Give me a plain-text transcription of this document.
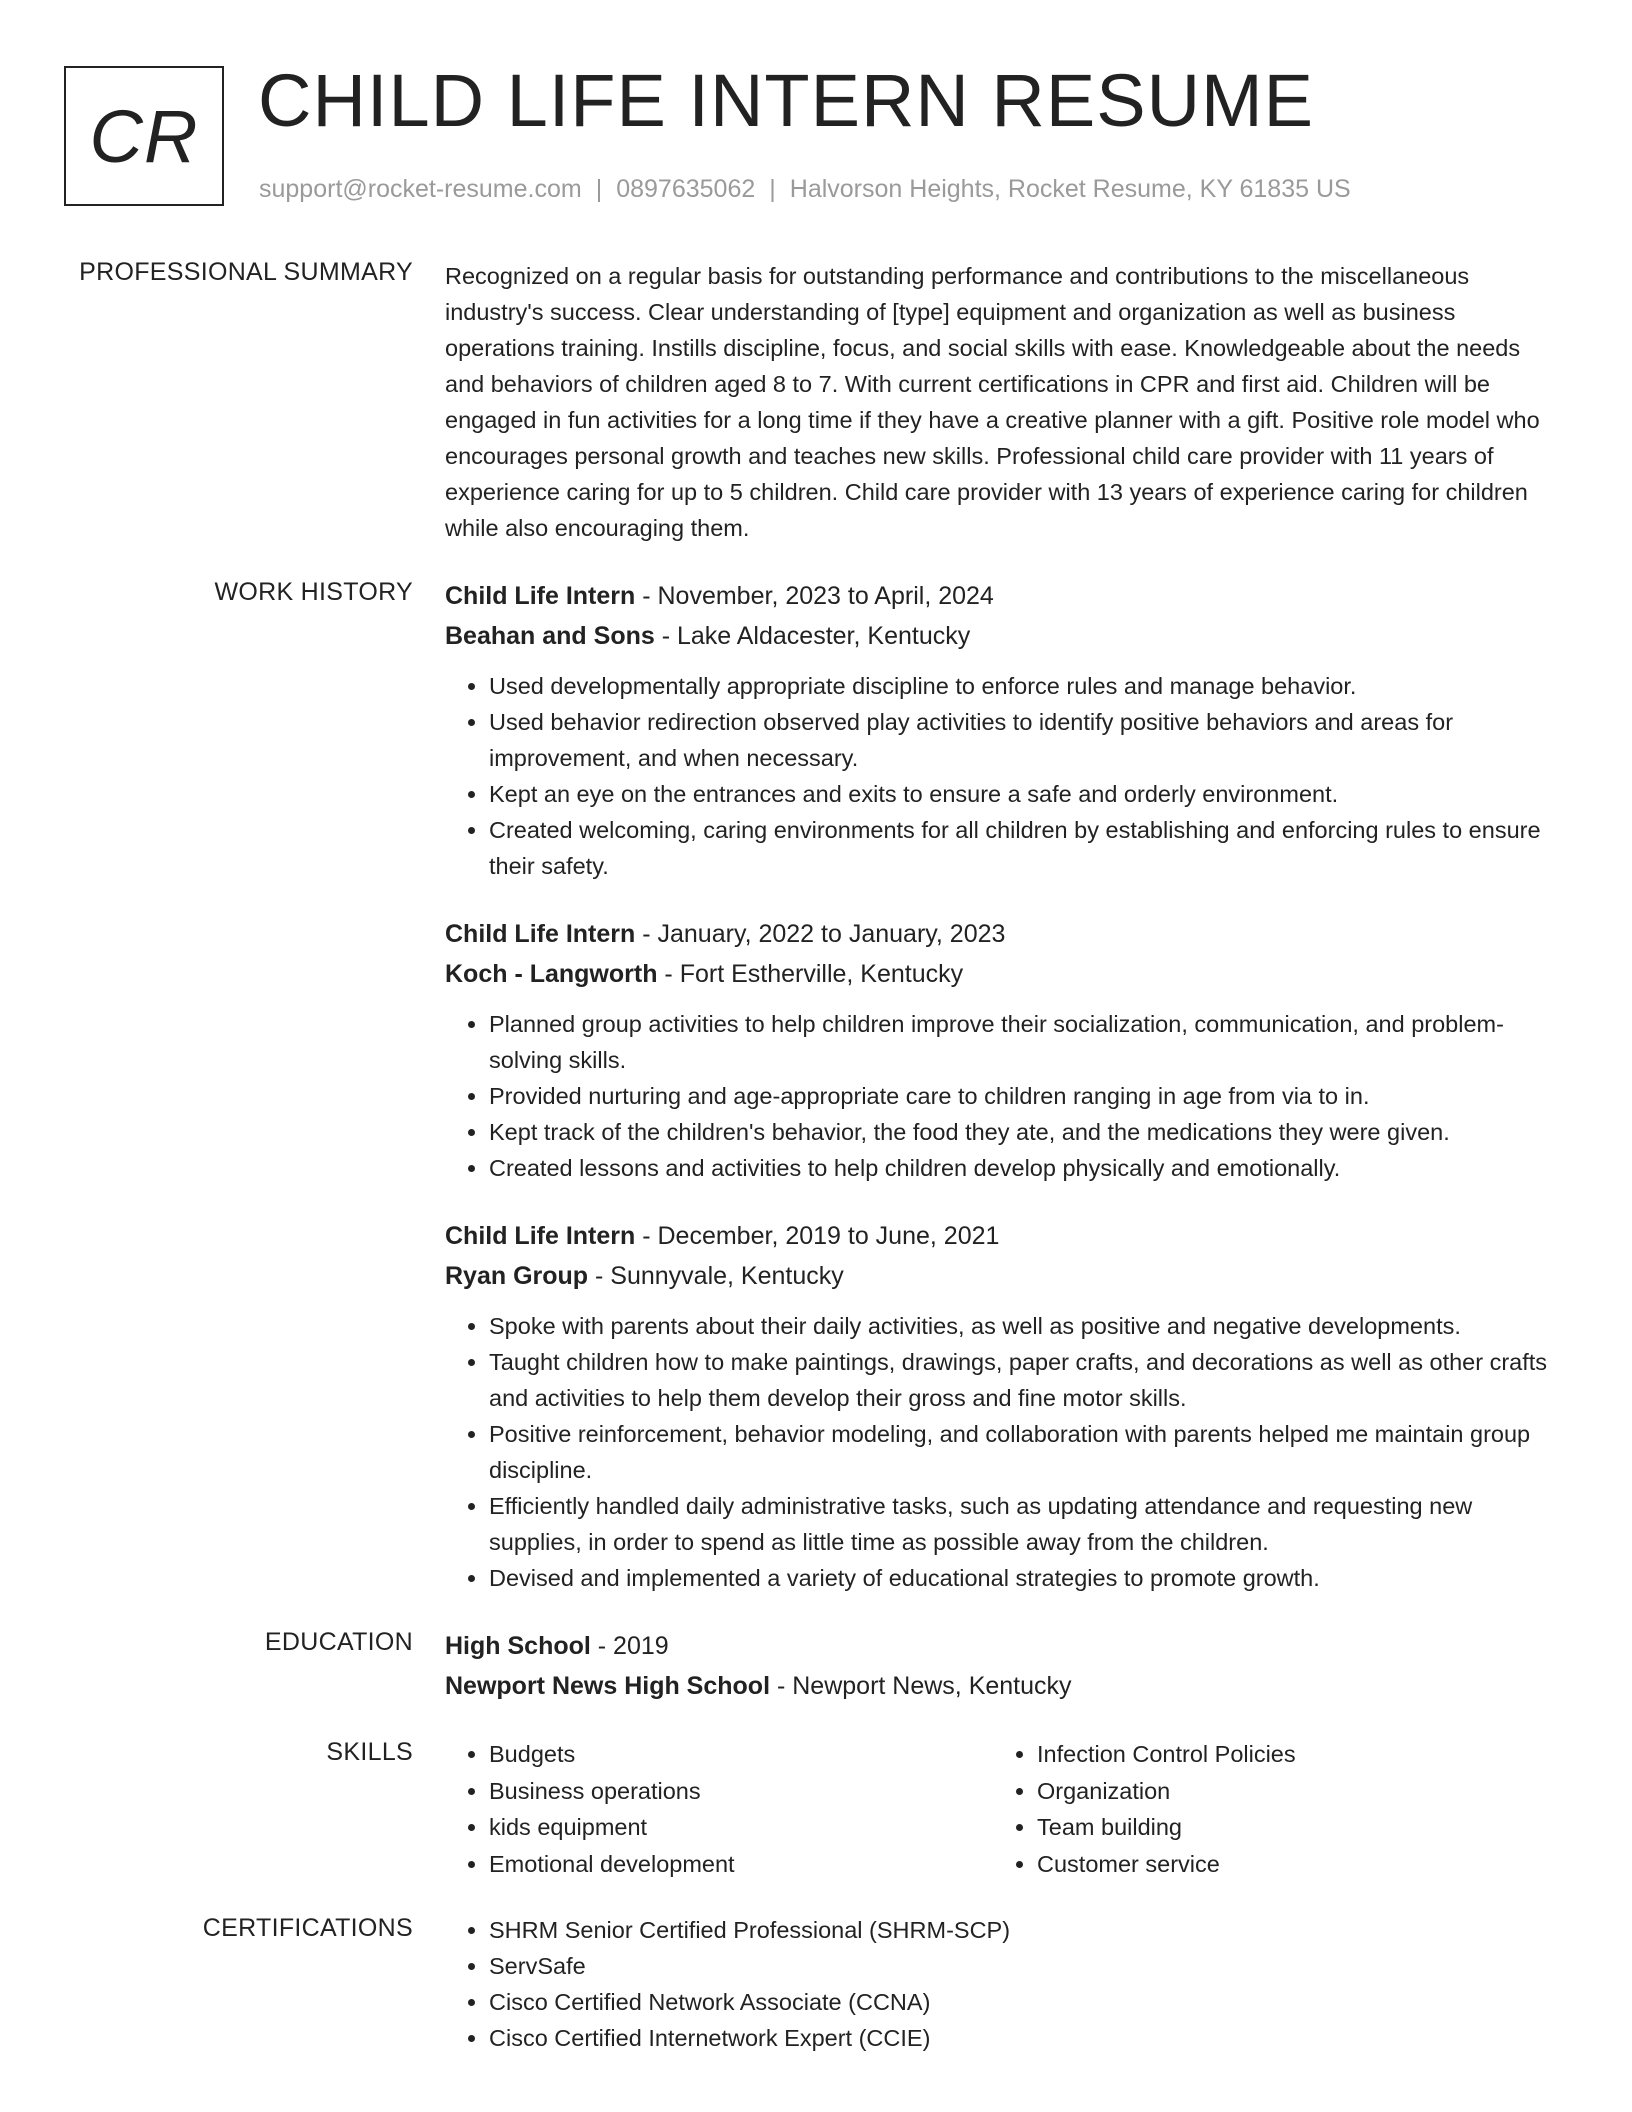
CR CHILD LIFE INTERN RESUME
support@rocket-resume.com | 0897635062 | Halvorson Heights, Rocket Resume, KY 61835 US
PROFESSIONAL SUMMARY Recognized on a regular basis for outstanding performance and contributions to the miscellaneous industry's success. Clear understanding of [type] equipment and organization as well as business operations training. Instills discipline, focus, and social skills with ease. Knowledgeable about the needs and behaviors of children aged 8 to 7. With current certifications in CPR and first aid. Children will be engaged in fun activities for a long time if they have a creative planner with a gift. Positive role model who encourages personal growth and teaches new skills. Professional child care provider with 11 years of experience caring for up to 5 children. Child care provider with 13 years of experience caring for children while also encouraging them.

WORK HISTORY Child Life Intern - November, 2023 to April, 2024
Beahan and Sons - Lake Aldacester, Kentucky
• Used developmentally appropriate discipline to enforce rules and manage behavior.
• Used behavior redirection observed play activities to identify positive behaviors and areas for improvement, and when necessary.
• Kept an eye on the entrances and exits to ensure a safe and orderly environment.
• Created welcoming, caring environments for all children by establishing and enforcing rules to ensure their safety.
Child Life Intern - January, 2022 to January, 2023
Koch - Langworth - Fort Estherville, Kentucky
• Planned group activities to help children improve their socialization, communication, and problem-solving skills.
• Provided nurturing and age-appropriate care to children ranging in age from via to in.
• Kept track of the children's behavior, the food they ate, and the medications they were given.
• Created lessons and activities to help children develop physically and emotionally.
Child Life Intern - December, 2019 to June, 2021
Ryan Group - Sunnyvale, Kentucky
• Spoke with parents about their daily activities, as well as positive and negative developments.
• Taught children how to make paintings, drawings, paper crafts, and decorations as well as other crafts and activities to help them develop their gross and fine motor skills.
• Positive reinforcement, behavior modeling, and collaboration with parents helped me maintain group discipline.
• Efficiently handled daily administrative tasks, such as updating attendance and requesting new supplies, in order to spend as little time as possible away from the children.
• Devised and implemented a variety of educational strategies to promote growth.
EDUCATION High School - 2019
Newport News High School - Newport News, Kentucky
SKILLS	• Budgets
• Business operations
• kids equipment
• Emotional development
• Infection Control Policies
• Organization
• Team building
• Customer service
CERTIFICATIONS	• SHRM Senior Certified Professional (SHRM-SCP)
• ServSafe
• Cisco Certified Network Associate (CCNA)
• Cisco Certified Internetwork Expert (CCIE)
